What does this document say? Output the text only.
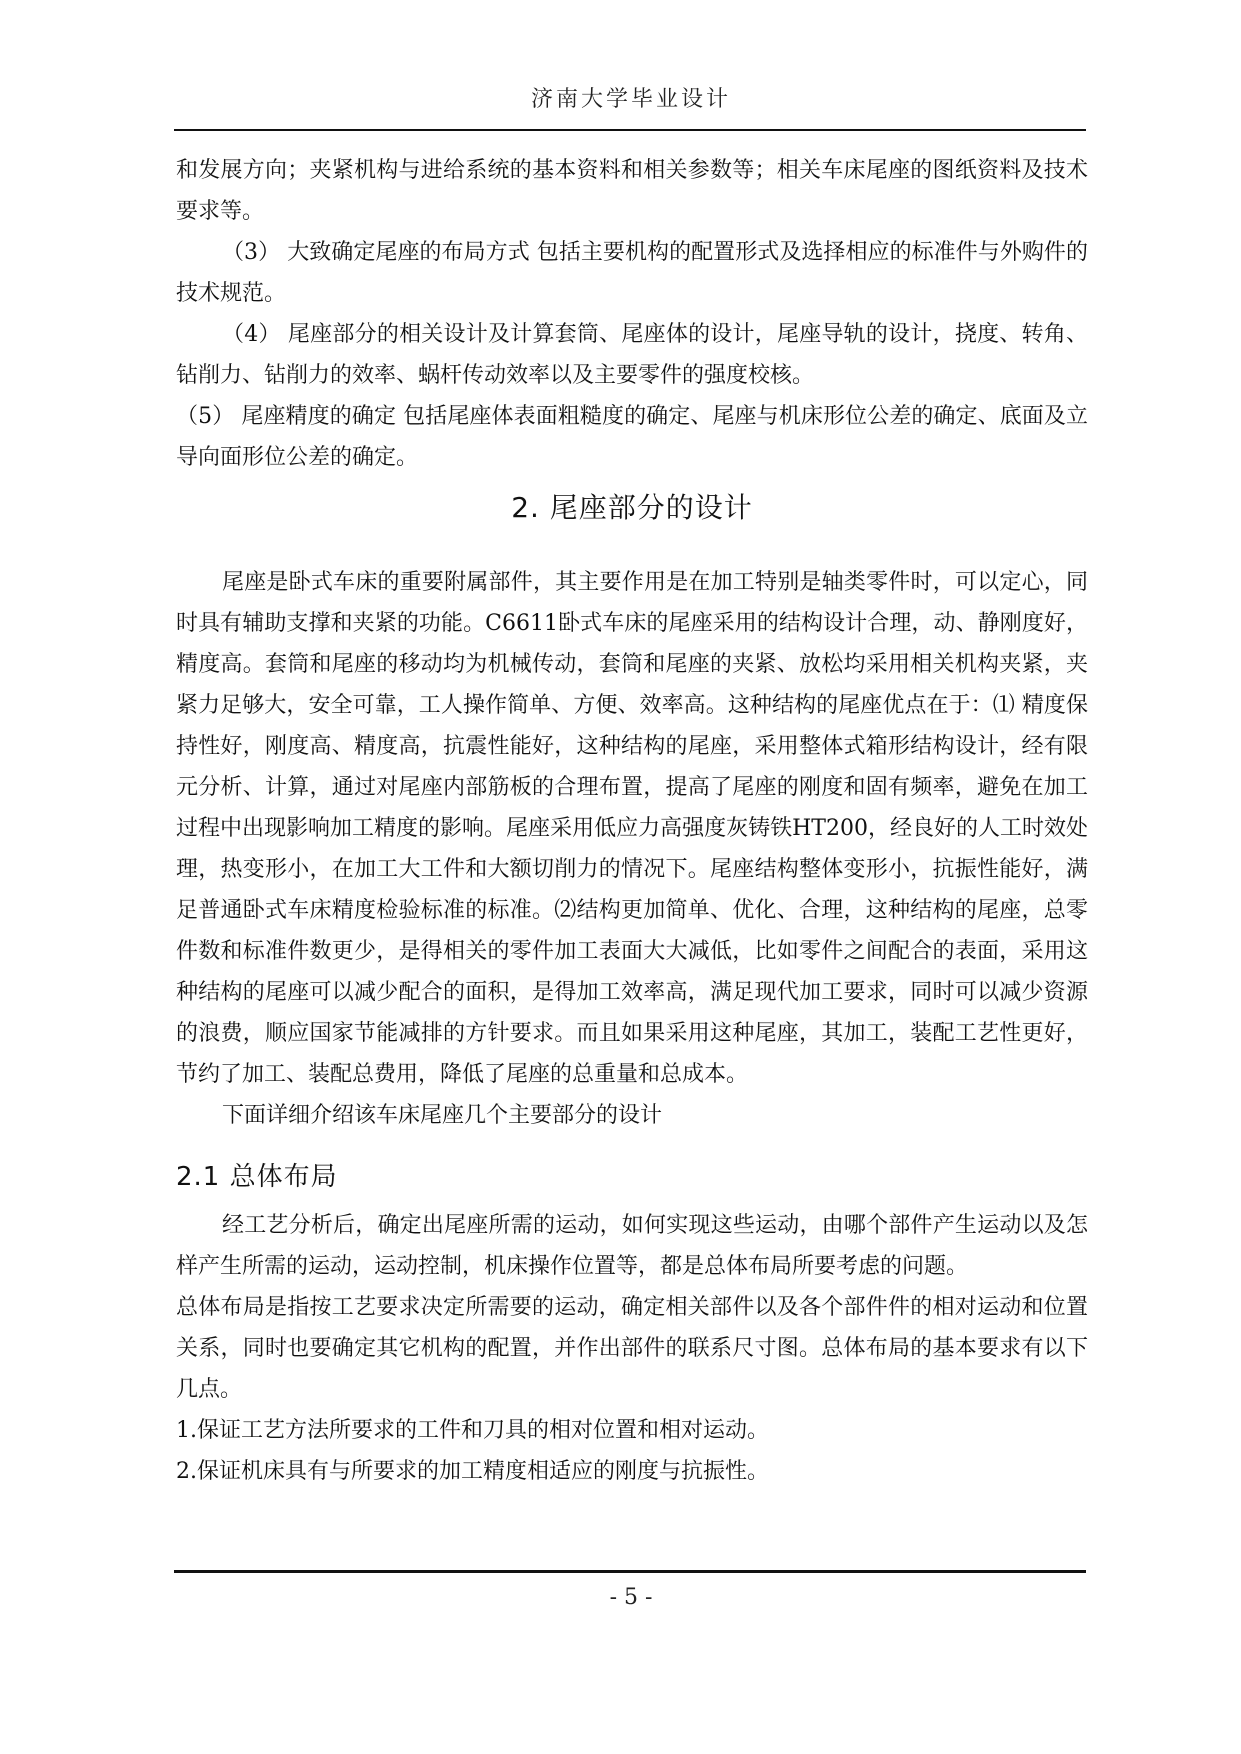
济南大学毕业设计

和发展方向；夹紧机构与进给系统的基本资料和相关参数等；相关车床尾座的图纸资料及技术要求等。

（3） 大致确定尾座的布局方式 包括主要机构的配置形式及选择相应的标准件与外购件的技术规范。

（4） 尾座部分的相关设计及计算套筒、尾座体的设计，尾座导轨的设计，挠度、转角、钻削力、钻削力的效率、蜗杆传动效率以及主要零件的强度校核。

（5） 尾座精度的确定 包括尾座体表面粗糙度的确定、尾座与机床形位公差的确定、底面及立导向面形位公差的确定。

2. 尾座部分的设计

尾座是卧式车床的重要附属部件，其主要作用是在加工特别是轴类零件时，可以定心，同时具有辅助支撑和夹紧的功能。C6611卧式车床的尾座采用的结构设计合理，动、静刚度好，精度高。套筒和尾座的移动均为机械传动，套筒和尾座的夹紧、放松均采用相关机构夹紧，夹紧力足够大，安全可靠，工人操作简单、方便、效率高。这种结构的尾座优点在于：⑴ 精度保持性好，刚度高、精度高，抗震性能好，这种结构的尾座，采用整体式箱形结构设计，经有限元分析、计算，通过对尾座内部筋板的合理布置，提高了尾座的刚度和固有频率，避免在加工过程中出现影响加工精度的影响。尾座采用低应力高强度灰铸铁HT200，经良好的人工时效处理，热变形小，在加工大工件和大额切削力的情况下。尾座结构整体变形小，抗振性能好，满足普通卧式车床精度检验标准的标准。⑵结构更加简单、优化、合理，这种结构的尾座，总零件数和标准件数更少，是得相关的零件加工表面大大减低，比如零件之间配合的表面，采用这种结构的尾座可以减少配合的面积，是得加工效率高，满足现代加工要求，同时可以减少资源的浪费，顺应国家节能减排的方针要求。而且如果采用这种尾座，其加工，装配工艺性更好，节约了加工、装配总费用，降低了尾座的总重量和总成本。

下面详细介绍该车床尾座几个主要部分的设计

2.1 总体布局

经工艺分析后，确定出尾座所需的运动，如何实现这些运动，由哪个部件产生运动以及怎样产生所需的运动，运动控制，机床操作位置等，都是总体布局所要考虑的问题。

总体布局是指按工艺要求决定所需要的运动，确定相关部件以及各个部件件的相对运动和位置关系，同时也要确定其它机构的配置，并作出部件的联系尺寸图。总体布局的基本要求有以下几点。

1.保证工艺方法所要求的工件和刀具的相对位置和相对运动。

2.保证机床具有与所要求的加工精度相适应的刚度与抗振性。

- 5 -
